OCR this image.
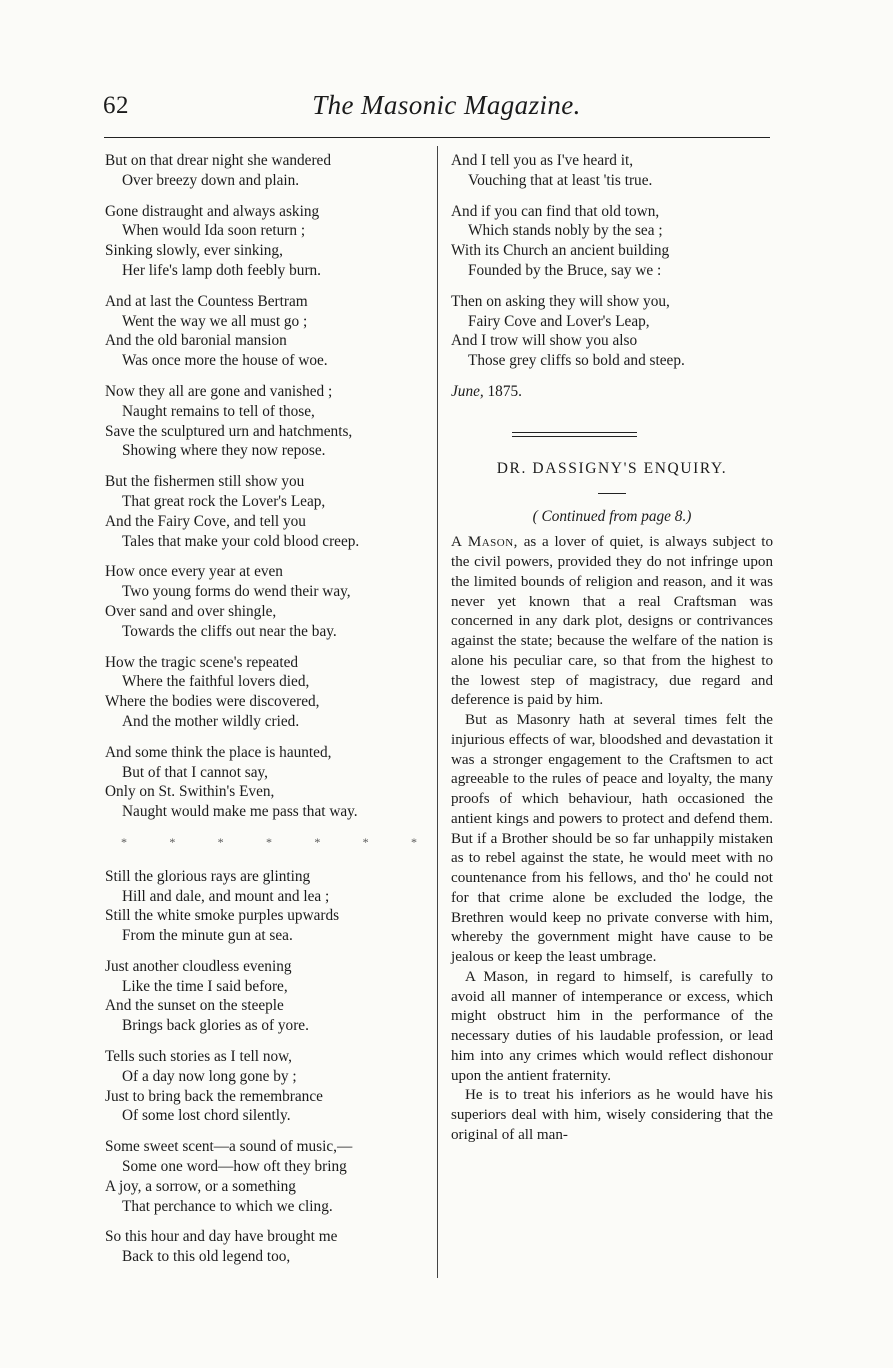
62	The Masonic Magazine.
But on that drear night she wandered
Over breezy down and plain.
Gone distraught and always asking
When would Ida soon return ;
Sinking slowly, ever sinking,
Her life's lamp doth feebly burn.
And at last the Countess Bertram
Went the way we all must go ;
And the old baronial mansion
Was once more the house of woe.
Now they all are gone and vanished ;
Naught remains to tell of those,
Save the sculptured urn and hatchments,
Showing where they now repose.
But the fishermen still show you
That great rock the Lover's Leap,
And the Fairy Cove, and tell you
Tales that make your cold blood creep.
How once every year at even
Two young forms do wend their way,
Over sand and over shingle,
Towards the cliffs out near the bay.
How the tragic scene's repeated
Where the faithful lovers died,
Where the bodies were discovered,
And the mother wildly cried.
And some think the place is haunted,
But of that I cannot say,
Only on St. Swithin's Even,
Naught would make me pass that way.
*	*	*	*	*	*	*
Still the glorious rays are glinting
Hill and dale, and mount and lea ;
Still the white smoke purples upwards
From the minute gun at sea.
Just another cloudless evening
Like the time I said before,
And the sunset on the steeple
Brings back glories as of yore.
Tells such stories as I tell now,
Of a day now long gone by ;
Just to bring back the remembrance
Of some lost chord silently.
Some sweet scent—a sound of music,—
Some one word—how oft they bring
A joy, a sorrow, or a something
That perchance to which we cling.
So this hour and day have brought me
Back to this old legend too,
And I tell you as I've heard it,
Vouching that at least 'tis true.
And if you can find that old town,
Which stands nobly by the sea ;
With its Church an ancient building
Founded by the Bruce, say we :
Then on asking they will show you,
Fairy Cove and Lover's Leap,
And I trow will show you also
Those grey cliffs so bold and steep.
June, 1875.
DR. DASSIGNY'S ENQUIRY.
( Continued from page 8.)

A Mason, as a lover of quiet, is always subject to the civil powers, provided they do not infringe upon the limited bounds of religion and reason, and it was never yet known that a real Craftsman was concerned in any dark plot, designs or contrivances against the state; because the welfare of the nation is alone his peculiar care, so that from the highest to the lowest step of magistracy, due regard and deference is paid by him.

But as Masonry hath at several times felt the injurious effects of war, bloodshed and devastation it was a stronger engagement to the Craftsmen to act agreeable to the rules of peace and loyalty, the many proofs of which behaviour, hath occasioned the antient kings and powers to protect and defend them. But if a Brother should be so far unhappily mistaken as to rebel against the state, he would meet with no countenance from his fellows, and tho' he could not for that crime alone be excluded the lodge, the Brethren would keep no private converse with him, whereby the government might have cause to be jealous or keep the least umbrage.

A Mason, in regard to himself, is carefully to avoid all manner of intemperance or excess, which might obstruct him in the performance of the necessary duties of his laudable profession, or lead him into any crimes which would reflect dishonour upon the antient fraternity.

He is to treat his inferiors as he would have his superiors deal with him, wisely considering that the original of all man-
